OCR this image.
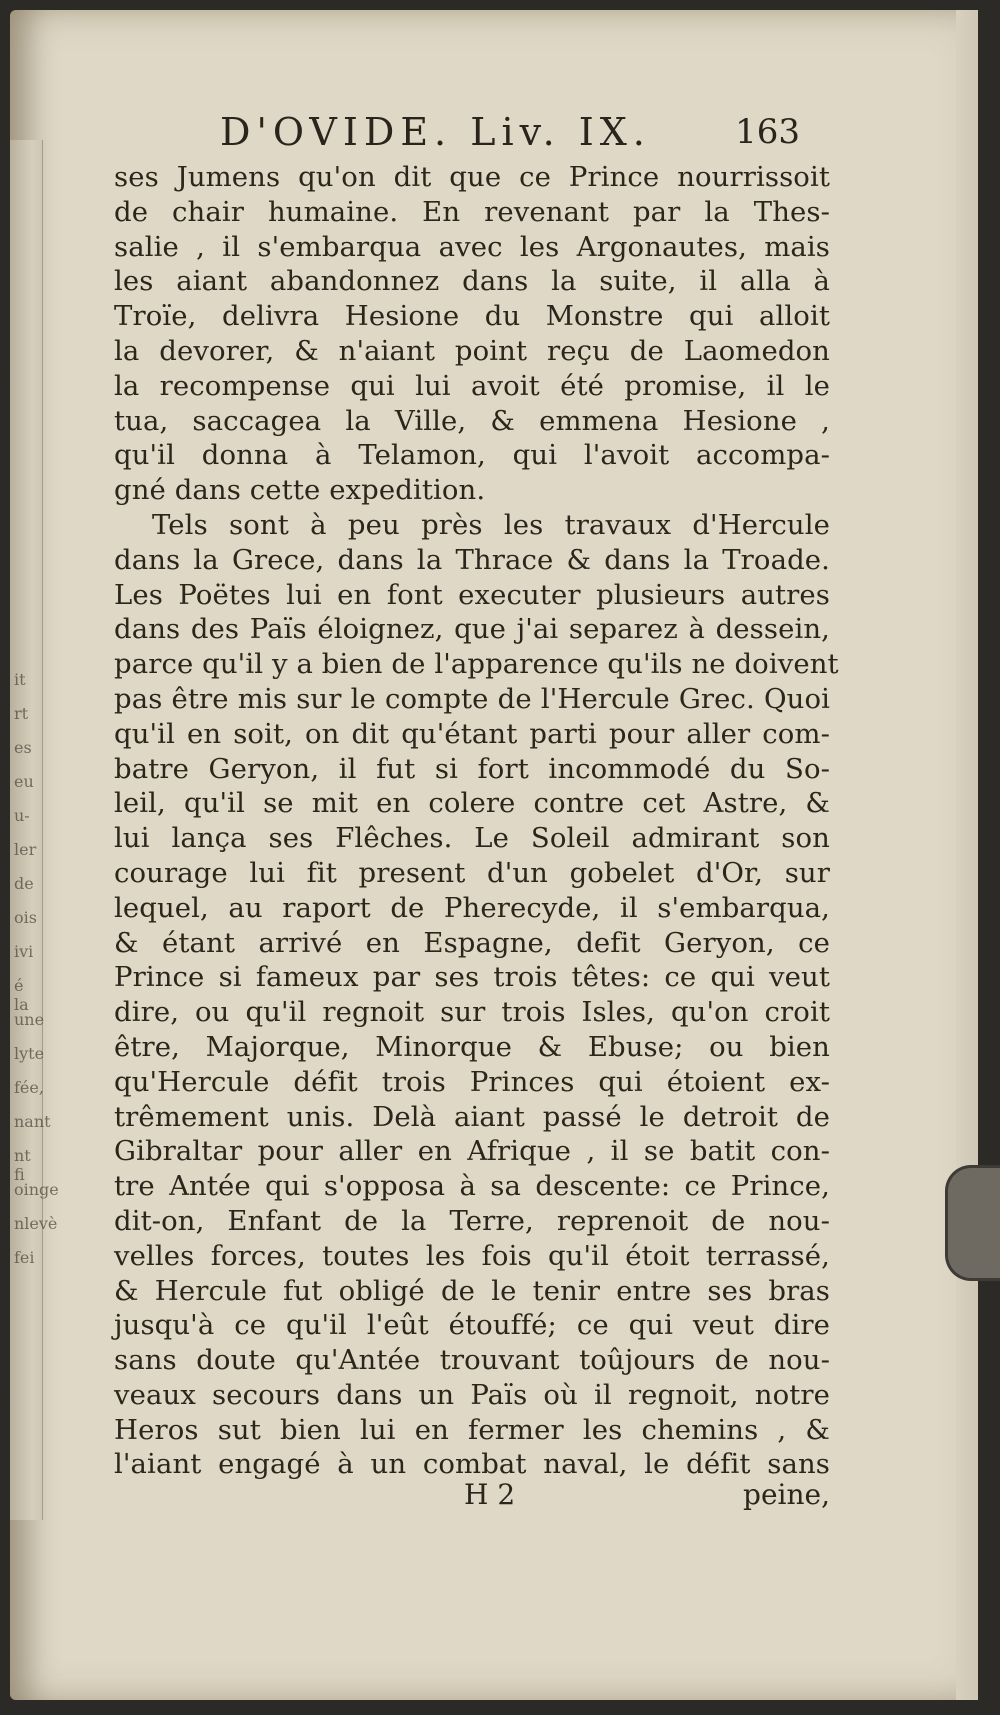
it
rt
es
eu
u-
ler
de
ois
ivi
é la
une
lyte
fée,
nant
nt fi
oinge
nlevè
fei
D'OVIDE. Liv. IX. 163
ses Jumens qu'on dit que ce Prince nourrissoit
de chair humaine. En revenant par la Thes-
salie , il s'embarqua avec les Argonautes, mais
les aiant abandonnez dans la suite, il alla à
Troïe, delivra Hesione du Monstre qui alloit
la devorer, & n'aiant point reçu de Laomedon
la recompense qui lui avoit été promise, il le
tua, saccagea la Ville, & emmena Hesione ,
qu'il donna à Telamon, qui l'avoit accompa-
gné dans cette expedition.
Tels sont à peu près les travaux d'Hercule
dans la Grece, dans la Thrace & dans la Troade.
Les Poëtes lui en font executer plusieurs autres
dans des Païs éloignez, que j'ai separez à dessein,
parce qu'il y a bien de l'apparence qu'ils ne doivent
pas être mis sur le compte de l'Hercule Grec. Quoi
qu'il en soit, on dit qu'étant parti pour aller com-
batre Geryon, il fut si fort incommodé du So-
leil, qu'il se mit en colere contre cet Astre, &
lui lança ses Flêches. Le Soleil admirant son
courage lui fit present d'un gobelet d'Or, sur
lequel, au raport de Pherecyde, il s'embarqua,
& étant arrivé en Espagne, defit Geryon, ce
Prince si fameux par ses trois têtes: ce qui veut
dire, ou qu'il regnoit sur trois Isles, qu'on croit
être, Majorque, Minorque & Ebuse; ou bien
qu'Hercule défit trois Princes qui étoient ex-
trêmement unis. Delà aiant passé le detroit de
Gibraltar pour aller en Afrique , il se batit con-
tre Antée qui s'opposa à sa descente: ce Prince,
dit-on, Enfant de la Terre, reprenoit de nou-
velles forces, toutes les fois qu'il étoit terrassé,
& Hercule fut obligé de le tenir entre ses bras
jusqu'à ce qu'il l'eût étouffé; ce qui veut dire
sans doute qu'Antée trouvant toûjours de nou-
veaux secours dans un Païs où il regnoit, notre
Heros sut bien lui en fermer les chemins , &
l'aiant engagé à un combat naval, le défit sans
H 2	peine,
